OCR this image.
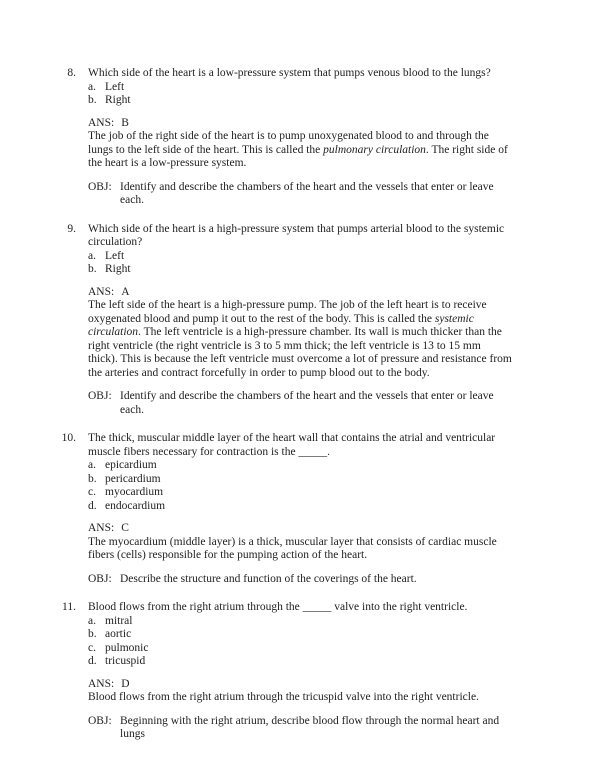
8. Which side of the heart is a low-pressure system that pumps venous blood to the lungs?
a. Left
b. Right
ANS: B
The job of the right side of the heart is to pump unoxygenated blood to and through the lungs to the left side of the heart. This is called the pulmonary circulation. The right side of the heart is a low-pressure system.
OBJ: Identify and describe the chambers of the heart and the vessels that enter or leave each.
9. Which side of the heart is a high-pressure system that pumps arterial blood to the systemic circulation?
a. Left
b. Right
ANS: A
The left side of the heart is a high-pressure pump. The job of the left heart is to receive oxygenated blood and pump it out to the rest of the body. This is called the systemic circulation. The left ventricle is a high-pressure chamber. Its wall is much thicker than the right ventricle (the right ventricle is 3 to 5 mm thick; the left ventricle is 13 to 15 mm thick). This is because the left ventricle must overcome a lot of pressure and resistance from the arteries and contract forcefully in order to pump blood out to the body.
OBJ: Identify and describe the chambers of the heart and the vessels that enter or leave each.
10. The thick, muscular middle layer of the heart wall that contains the atrial and ventricular muscle fibers necessary for contraction is the _____.
a. epicardium
b. pericardium
c. myocardium
d. endocardium
ANS: C
The myocardium (middle layer) is a thick, muscular layer that consists of cardiac muscle fibers (cells) responsible for the pumping action of the heart.
OBJ: Describe the structure and function of the coverings of the heart.
11. Blood flows from the right atrium through the _____ valve into the right ventricle.
a. mitral
b. aortic
c. pulmonic
d. tricuspid
ANS: D
Blood flows from the right atrium through the tricuspid valve into the right ventricle.
OBJ: Beginning with the right atrium, describe blood flow through the normal heart and lungs
